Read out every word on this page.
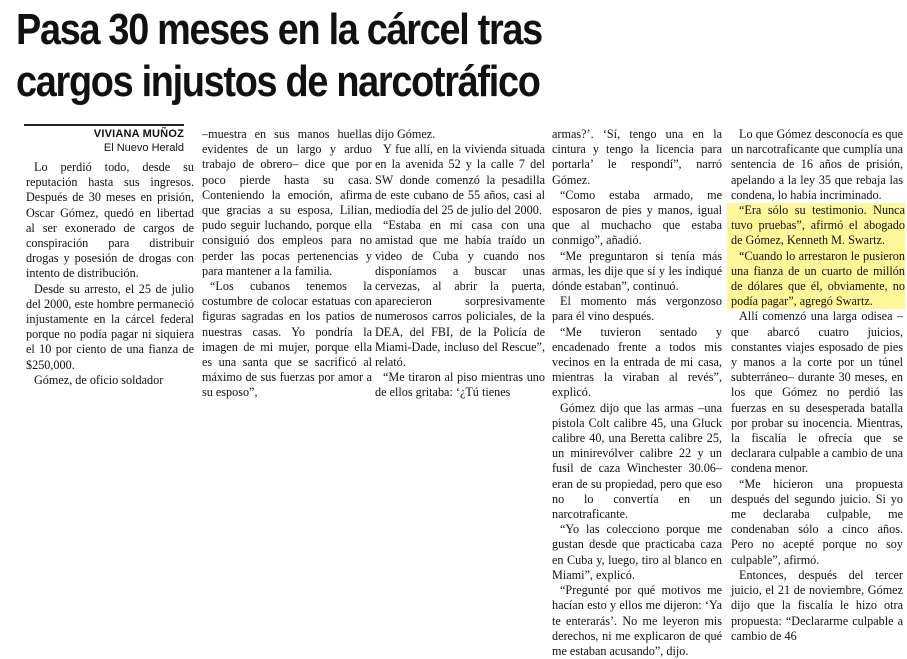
Pasa 30 meses en la cárcel tras
cargos injustos de narcotráfico
VIVIANA MUÑOZ
El Nuevo Herald

Lo perdió todo, desde su reputación hasta sus ingresos. Después de 30 meses en prisión, Oscar Gómez, quedó en libertad al ser exonerado de cargos de conspiración para distribuir drogas y posesión de drogas con intento de distribución.

Desde su arresto, el 25 de julio del 2000, este hombre permaneció injustamente en la cárcel federal porque no podía pagar ni siquiera el 10 por ciento de una fianza de $250,000.

Gómez, de oficio soldador

–muestra en sus manos huellas evidentes de un largo y arduo trabajo de obrero– dice que por poco pierde hasta su casa. Conteniendo la emoción, afirma que gracias a su esposa, Lilian, pudo seguir luchando, porque ella consiguió dos empleos para no perder las pocas pertenencias y para mantener a la familia.

“Los cubanos tenemos la costumbre de colocar estatuas con figuras sagradas en los patios de nuestras casas. Yo pondría la imagen de mi mujer, porque ella es una santa que se sacrificó al máximo de sus fuerzas por amor a su esposo”,

dijo Gómez.

Y fue allí, en la vivienda situada en la avenida 52 y la calle 7 del SW donde comenzó la pesadilla de este cubano de 55 años, casi al mediodía del 25 de julio del 2000.

“Estaba en mi casa con una amistad que me había traído un video de Cuba y cuando nos disponíamos a buscar unas cervezas, al abrir la puerta, aparecieron sorpresivamente numerosos carros policiales, de la DEA, del FBI, de la Policía de Miami-Dade, incluso del Rescue”, relató.

“Me tiraron al piso mientras uno de ellos gritaba: ‘¿Tú tienes

armas?’. ‘Sí, tengo una en la cintura y tengo la licencia para portarla’ le respondí”, narró Gómez.

“Como estaba armado, me esposaron de pies y manos, igual que al muchacho que estaba conmigo”, añadió.

“Me preguntaron si tenía más armas, les dije que sí y les indiqué dónde estaban”, continuó.

El momento más vergonzoso para él vino después.

“Me tuvieron sentado y encadenado frente a todos mis vecinos en la entrada de mi casa, mientras la viraban al revés”, explicó.

Gómez dijo que las armas –una pistola Colt calibre 45, una Gluck calibre 40, una Beretta calibre 25, un minirevólver calibre 22 y un fusil de caza Winchester 30.06– eran de su propiedad, pero que eso no lo convertía en un narcotraficante.

“Yo las colecciono porque me gustan desde que practicaba caza en Cuba y, luego, tiro al blanco en Miami”, explicó.

“Pregunté por qué motivos me hacían esto y ellos me dijeron: ‘Ya te enterarás’. No me leyeron mis derechos, ni me explicaron de qué me estaban acusando”, dijo.

Lo que Gómez desconocía es que un narcotraficante que cumplía una sentencia de 16 años de prisión, apelando a la ley 35 que rebaja las condena, lo había incriminado.

“Era sólo su testimonio. Nunca tuvo pruebas”, afirmó el abogado de Gómez, Kenneth M. Swartz.

“Cuando lo arrestaron le pusieron una fianza de un cuarto de millón de dólares que él, obviamente, no podía pagar”, agregó Swartz.

Allí comenzó una larga odisea –que abarcó cuatro juicios, constantes viajes esposado de pies y manos a la corte por un túnel subterráneo– durante 30 meses, en los que Gómez no perdió las fuerzas en su desesperada batalla por probar su inocencia. Mientras, la fiscalía le ofrecía que se declarara culpable a cambio de una condena menor.

“Me hicieron una propuesta después del segundo juicio. Si yo me declaraba culpable, me condenaban sólo a cinco años. Pero no acepté porque no soy culpable”, afirmó.

Entonces, después del tercer juicio, el 21 de noviembre, Gómez dijo que la fiscalía le hizo otra propuesta: “Declararme culpable a cambio de 46
